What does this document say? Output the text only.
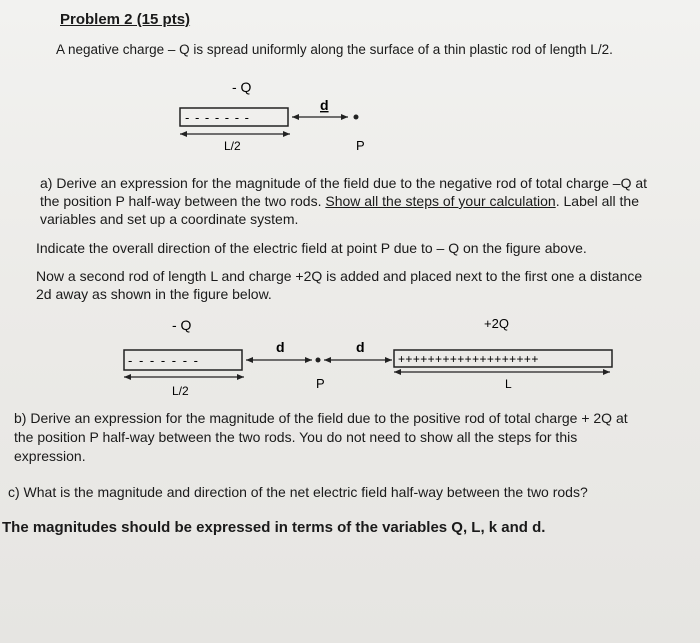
Problem 2 (15 pts)
A negative charge – Q is spread uniformly along the surface of a thin plastic rod of length L/2.
- Q
- - - - - - -
d
L/2	P
a) Derive an expression for the magnitude of the field due to the negative rod of total charge –Q at
the position P half-way between the two rods. Show all the steps of your calculation. Label all the
variables and set up a coordinate system.
Indicate the overall direction of the electric field at point P due to – Q on the figure above.
Now a second rod of length L and charge +2Q is added and placed next to the first one a distance
2d away as shown in the figure below.
- Q	+2Q
- - - - - - -
d	d
+++++++++++++++++++
L/2	P	L
b) Derive an expression for the magnitude of the field due to the positive rod of total charge + 2Q at
the position P half-way between the two rods. You do not need to show all the steps for this
expression.
c) What is the magnitude and direction of the net electric field half-way between the two rods?
The magnitudes should be expressed in terms of the variables Q, L, k and d.
